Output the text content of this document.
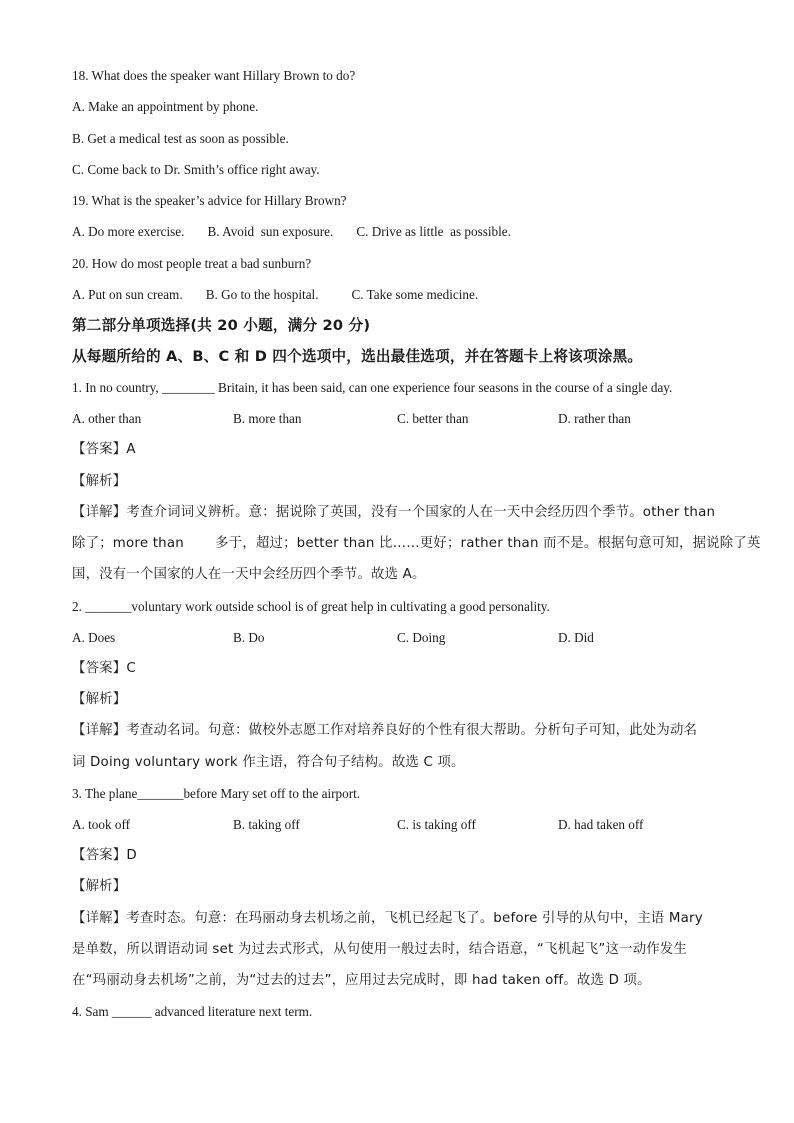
18. What does the speaker want Hillary Brown to do?
A. Make an appointment by phone.
B. Get a medical test as soon as possible.
C. Come back to Dr. Smith’s office right away.
19. What is the speaker’s advice for Hillary Brown?
A. Do more exercise.       B. Avoid  sun exposure.       C. Drive as little  as possible.
20. How do most people treat a bad sunburn?
A. Put on sun cream.       B. Go to the hospital.          C. Take some medicine.
第二部分单项选择(共 20 小题，满分 20 分)
从每题所给的 A、B、C 和 D 四个选项中，选出最佳选项，并在答题卡上将该项涂黑。
1. In no country, ________ Britain, it has been said, can one experience four seasons in the course of a single day.
A. other than	B. more than	C. better than	D. rather than
【答案】A
【解析】
【详解】考查介词词义辨析。意：据说除了英国，没有一个国家的人在一天中会经历四个季节。other than
除了；more than       多于，超过；better than 比……更好；rather than 而不是。根据句意可知，据说除了英
国，没有一个国家的人在一天中会经历四个季节。故选 A。
2. _______voluntary work outside school is of great help in cultivating a good personality.
A. Does	B. Do	C. Doing	D. Did
【答案】C
【解析】
【详解】考查动名词。句意：做校外志愿工作对培养良好的个性有很大帮助。分析句子可知，此处为动名
词 Doing voluntary work 作主语，符合句子结构。故选 C 项。
3. The plane_______before Mary set off to the airport.
A. took off	B. taking off	C. is taking off	D. had taken off
【答案】D
【解析】
【详解】考查时态。句意：在玛丽动身去机场之前，飞机已经起飞了。before 引导的从句中，主语 Mary
是单数，所以谓语动词 set 为过去式形式，从句使用一般过去时，结合语意，“飞机起飞”这一动作发生
在“玛丽动身去机场”之前，为“过去的过去”，应用过去完成时，即 had taken off。故选 D 项。
4. Sam ______ advanced literature next term.
